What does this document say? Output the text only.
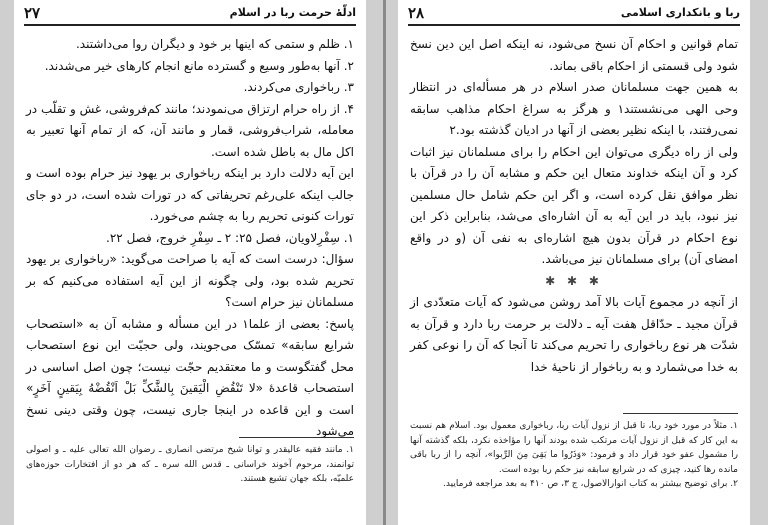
ادلّهٔ حرمت ربا در اسلام
۲۷

۱. ظلم و ستمی که اینها بر خود و دیگران روا می‌داشتند.

۲. آنها به‌طور وسیع و گسترده مانع انجام کارهای خیر می‌شدند.

۳. رباخواری می‌کردند.

۴. از راه حرام ارتزاق می‌نمودند؛ مانند کم‌فروشی، غش و تقلّب در معامله، شراب‌فروشی، قمار و مانند آن، که از تمام آنها تعبیر به اکل مال به باطل شده است.

این آیه دلالت دارد بر اینکه رباخواری بر یهود نیز حرام بوده است و جالب اینکه علی‌رغم تحریفاتی که در تورات شده است، در دو جای تورات کنونی تحریم ربا به چشم می‌خورد.

۱. سِفْرِلاویان، فصل ۲۵: ۲ ـ سِفْرِ خروج، فصل ۲۲.

سؤال: درست است که آیه با صراحت می‌گوید: «رباخواری بر یهود تحریم شده بود، ولی چگونه از این آیه استفاده می‌کنیم که بر مسلمانان نیز حرام است؟

پاسخ: بعضی از علما۱ در این مسأله و مشابه آن به «استصحاب شرایع سابقه» تمسّک می‌جویند، ولی حجیّت این نوع استصحاب محل گفتگوست و ما معتقدیم حجّت نیست؛ چون اصل اساسی در استصحاب قاعدهٔ «لا تَنْقُضِ الْیَقینَ بِالشَّکِّ بَلْ اَنْقُضْهُ بِیَقینٍ آخَرٍ» است و این قاعده در اینجا جاری نیست، چون وقتی دینی نسخ می‌شود

۱. مانند فقیه عالیقدر و توانا شیخ مرتضی انصاری ـ رضوان الله تعالی علیه ـ و اصولی توانمند، مرحوم آخوند خراسانی ـ قدس الله سره ـ که هر دو از افتخارات حوزه‌های علمیّه، بلکه جهان تشیع هستند.

ربا و بانکداری اسلامی
۲۸

تمام قوانین و احکام آن نسخ می‌شود، نه اینکه اصل این دین نسخ شود ولی قسمتی از احکام باقی بماند.

به همین جهت مسلمانان صدر اسلام در هر مسأله‌ای در انتظار وحی الهی می‌نشستند۱ و هرگز به سراغ احکام مذاهب سابقه نمی‌رفتند، با اینکه نظیر بعضی از آنها در ادیان گذشته بود.۲

ولی از راه دیگری می‌توان این احکام را برای مسلمانان نیز اثبات کرد و آن اینکه خداوند متعال این حکم و مشابه آن را در قرآن با نظر موافق نقل کرده است، و اگر این حکم شامل حال مسلمین نیز نبود، باید در این آیه به آن اشاره‌ای می‌شد، بنابراین ذکر این نوع احکام در قرآن بدون هیچ اشاره‌ای به نفی آن (و در واقع امضای آن) برای مسلمانان نیز می‌باشد.

✱ ✱ ✱

از آنچه در مجموع آیات بالا آمد روشن می‌شود که آیات متعدّدی از قرآن مجید ـ حدّاقل هفت آیه ـ دلالت بر حرمت ربا دارد و قرآن به شدّت هر نوع رباخواری را تحریم می‌کند تا آنجا که آن را نوعی کفر به خدا می‌شمارد و به رباخوار از ناحیهٔ خدا

۱. مثلاً در مورد خود ربا، تا قبل از نزول آیات ربا، رباخواری معمول بود. اسلام هم نسبت به این کار که قبل از نزول آیات مرتکب شده بودند آنها را مؤاخذه نکرد، بلکه گذشته آنها را مشمول عفو خود قرار داد و فرمود: «وَذَرُوا ما بَقِیَ مِنَ الرِّبوا»، آنچه را از ربا باقی مانده رها کنید، چیزی که در شرایع سابقه نیز حکم ربا بوده است.

۲. برای توضیح بیشتر به کتاب انوارالاصول، ج ۳، ص ۴۱۰ به بعد مراجعه فرمایید.
